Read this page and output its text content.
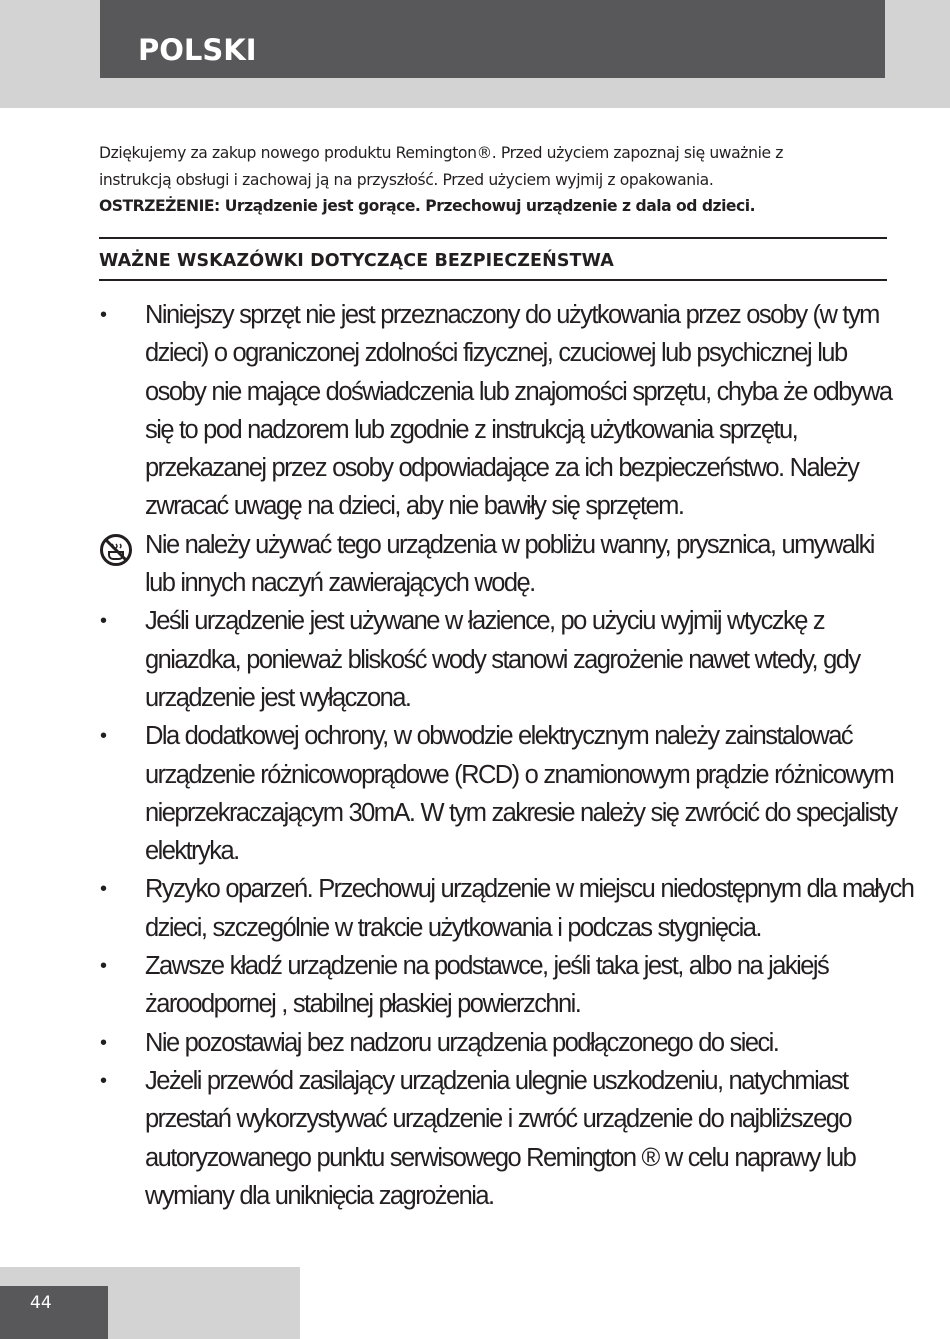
POLSKI

Dziękujemy za zakup nowego produktu Remington®. Przed użyciem zapoznaj się uważnie z

instrukcją obsługi i zachowaj ją na przyszłość. Przed użyciem wyjmij z opakowania.

OSTRZEŻENIE: Urządzenie jest gorące. Przechowuj urządzenie z dala od dzieci.

WAŻNE WSKAZÓWKI DOTYCZĄCE BEZPIECZEŃSTWA
•	Niniejszy sprzęt nie jest przeznaczony do użytkowania przez osoby (w tym
dzieci) o ograniczonej zdolności fizycznej, czuciowej lub psychicznej lub
osoby nie mające doświadczenia lub znajomości sprzętu, chyba że odbywa
się to pod nadzorem lub zgodnie z instrukcją użytkowania sprzętu,
przekazanej przez osoby odpowiadające za ich bezpieczeństwo. Należy
zwracać uwagę na dzieci, aby nie bawiły się sprzętem.
Nie należy używać tego urządzenia w pobliżu wanny, prysznica, umywalki
lub innych naczyń zawierających wodę.
•	Jeśli urządzenie jest używane w łazience, po użyciu wyjmij wtyczkę z
gniazdka, ponieważ bliskość wody stanowi zagrożenie nawet wtedy, gdy
urządzenie jest wyłączona.
•	Dla dodatkowej ochrony, w obwodzie elektrycznym należy zainstalować
urządzenie różnicowoprądowe (RCD) o znamionowym prądzie różnicowym
nieprzekraczającym 30mA. W tym zakresie należy się zwrócić do specjalisty
elektryka.
•	Ryzyko oparzeń. Przechowuj urządzenie w miejscu niedostępnym dla małych
dzieci, szczególnie w trakcie użytkowania i podczas stygnięcia.
•	Zawsze kładź urządzenie na podstawce, jeśli taka jest, albo na jakiejś
żaroodpornej , stabilnej płaskiej powierzchni.
•	Nie pozostawiaj bez nadzoru urządzenia podłączonego do sieci.
•	Jeżeli przewód zasilający urządzenia ulegnie uszkodzeniu, natychmiast
przestań wykorzystywać urządzenie i zwróć urządzenie do najbliższego
autoryzowanego punktu serwisowego Remington ® w celu naprawy lub
wymiany dla uniknięcia zagrożenia.
44
